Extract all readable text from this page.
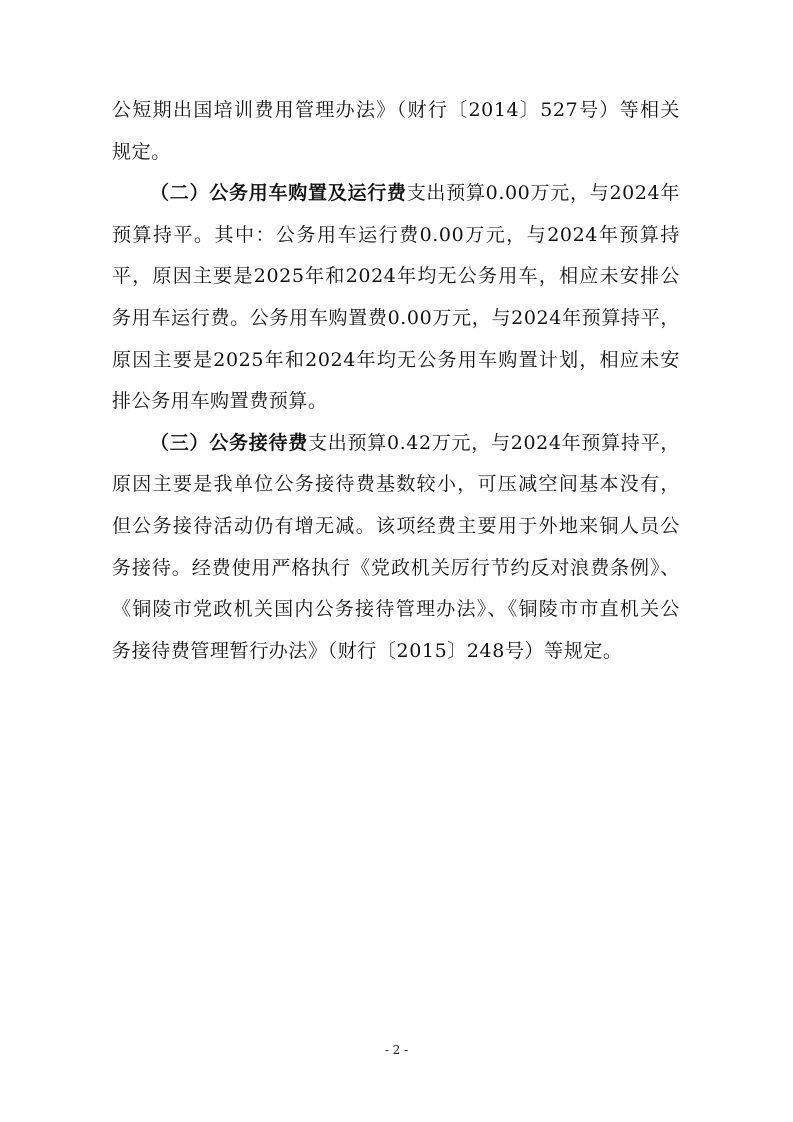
公短期出国培训费用管理办法》（财行〔2014〕527号）等相关规定。

（二）公务用车购置及运行费支出预算0.00万元，与2024年预算持平。其中：公务用车运行费0.00万元，与2024年预算持平，原因主要是2025年和2024年均无公务用车，相应未安排公务用车运行费。公务用车购置费0.00万元，与2024年预算持平，原因主要是2025年和2024年均无公务用车购置计划，相应未安排公务用车购置费预算。

（三）公务接待费支出预算0.42万元，与2024年预算持平，原因主要是我单位公务接待费基数较小，可压减空间基本没有，但公务接待活动仍有增无减。该项经费主要用于外地来铜人员公务接待。经费使用严格执行《党政机关厉行节约反对浪费条例》、《铜陵市党政机关国内公务接待管理办法》、《铜陵市市直机关公务接待费管理暂行办法》（财行〔2015〕248号）等规定。

- 2 -
